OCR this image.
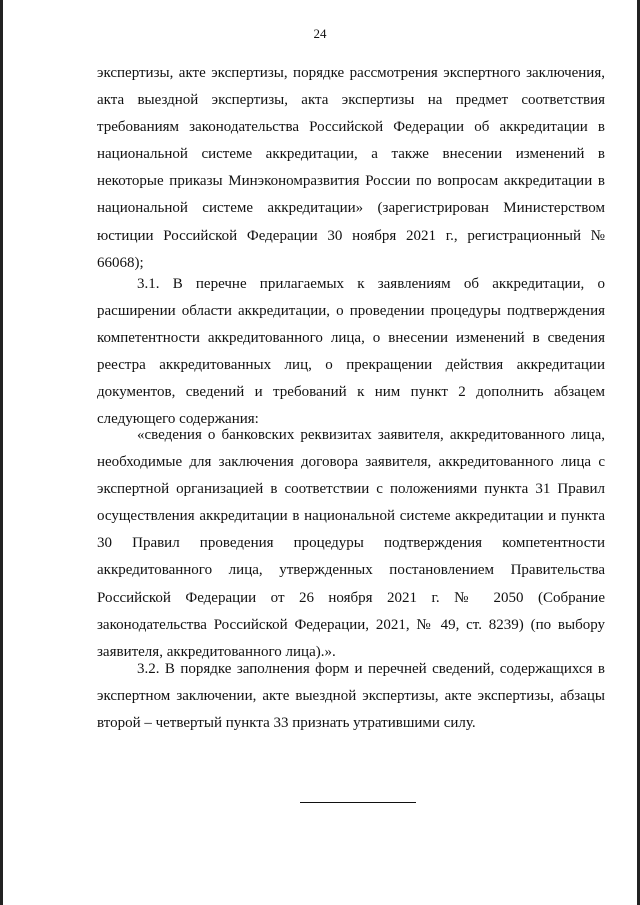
24

экспертизы, акте экспертизы, порядке рассмотрения экспертного заключения, акта выездной экспертизы, акта экспертизы на предмет соответствия требованиям законодательства Российской Федерации об аккредитации в национальной системе аккредитации, а также внесении изменений в некоторые приказы Минэкономразвития России по вопросам аккредитации в национальной системе аккредитации» (зарегистрирован Министерством юстиции Российской Федерации 30 ноября 2021 г., регистрационный № 66068);

3.1. В перечне прилагаемых к заявлениям об аккредитации, о расширении области аккредитации, о проведении процедуры подтверждения компетентности аккредитованного лица, о внесении изменений в сведения реестра аккредитованных лиц, о прекращении действия аккредитации документов, сведений и требований к ним пункт 2 дополнить абзацем следующего содержания:

«сведения о банковских реквизитах заявителя, аккредитованного лица, необходимые для заключения договора заявителя, аккредитованного лица с экспертной организацией в соответствии с положениями пункта 31 Правил осуществления аккредитации в национальной системе аккредитации и пункта 30 Правил проведения процедуры подтверждения компетентности аккредитованного лица, утвержденных постановлением Правительства Российской Федерации от 26 ноября 2021 г. № 2050 (Собрание законодательства Российской Федерации, 2021, № 49, ст. 8239) (по выбору заявителя, аккредитованного лица).».

3.2. В порядке заполнения форм и перечней сведений, содержащихся в экспертном заключении, акте выездной экспертизы, акте экспертизы, абзацы второй – четвертый пункта 33 признать утратившими силу.
